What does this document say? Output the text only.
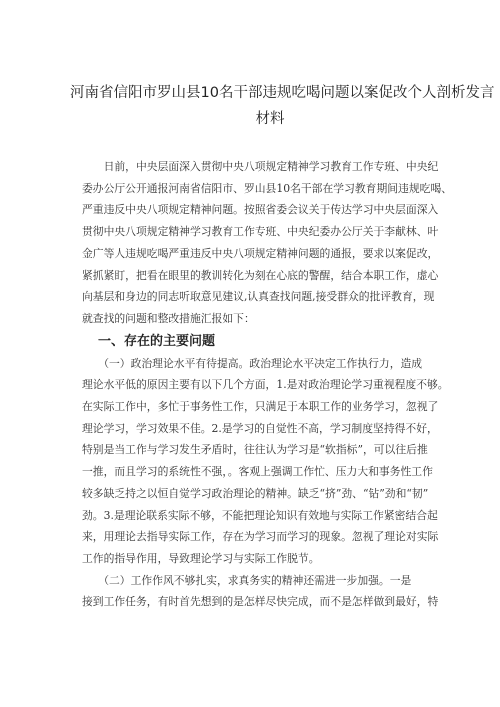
河南省信阳市罗山县10名干部违规吃喝问题以案促改个人剖析发言
材料

　　日前，中央层面深入贯彻中央八项规定精神学习教育工作专班、中央纪
委办公厅公开通报河南省信阳市、罗山县10名干部在学习教育期间违规吃喝、
严重违反中央八项规定精神问题。按照省委会议关于传达学习中央层面深入
贯彻中央八项规定精神学习教育工作专班、中央纪委办公厅关于李献林、叶
金广等人违规吃喝严重违反中央八项规定精神问题的通报，要求以案促改，
紧抓紧盯，把看在眼里的教训转化为刻在心底的警醒，结合本职工作，虚心
向基层和身边的同志听取意见建议,认真查找问题,接受群众的批评教育，现
就查找的问题和整改措施汇报如下：

一、存在的主要问题

　　（一）政治理论水平有待提高。政治理论水平决定工作执行力，造成
理论水平低的原因主要有以下几个方面，1.是对政治理论学习重视程度不够。
在实际工作中，多忙于事务性工作，只满足于本职工作的业务学习，忽视了
理论学习，学习效果不佳。2.是学习的自觉性不高，学习制度坚持得不好，
特别是当工作与学习发生矛盾时，往往认为学习是“软指标”，可以往后推
一推，而且学习的系统性不强，。客观上强调工作忙、压力大和事务性工作
较多缺乏持之以恒自觉学习政治理论的精神。缺乏“挤”劲、“钻”劲和“韧”
劲。3.是理论联系实际不够，不能把理论知识有效地与实际工作紧密结合起
来，用理论去指导实际工作，存在为学习而学习的现象。忽视了理论对实际
工作的指导作用，导致理论学习与实际工作脱节。

　　（二）工作作风不够扎实，求真务实的精神还需进一步加强。一是
接到工作任务，有时首先想到的是怎样尽快完成，而不是怎样做到最好，特
